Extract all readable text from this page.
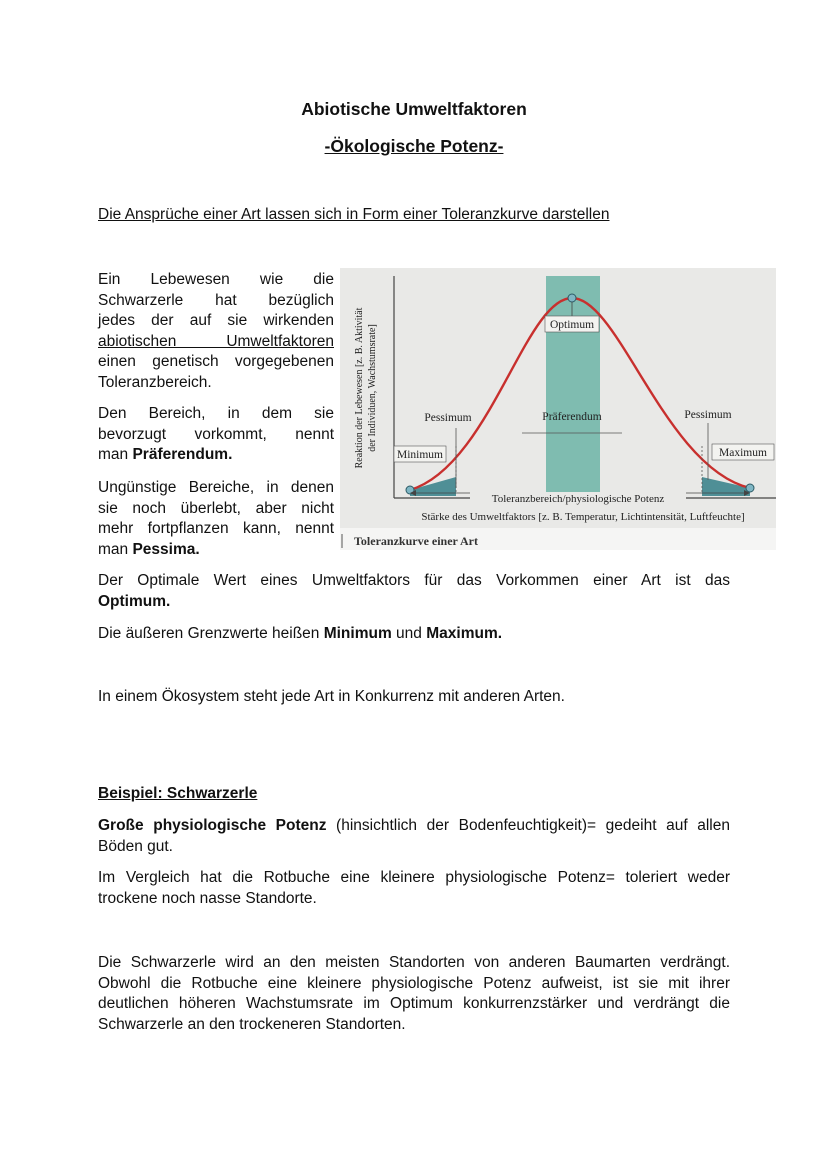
Abiotische Umweltfaktoren
-Ökologische Potenz-
Die Ansprüche einer Art lassen sich in Form einer Toleranzkurve darstellen
Ein Lebewesen wie die
Schwarzerle hat bezüglich
jedes der auf sie wirkenden
abiotischen Umweltfaktoren
einen genetisch vorgegebenen
Toleranzbereich.
Den Bereich, in dem sie
bevorzugt vorkommt, nennt
man Präferendum.
Ungünstige Bereiche, in denen
sie noch überlebt, aber nicht
mehr fortpflanzen kann, nennt
man Pessima.
Optimum
Präferendum
Pessimum	Pessimum
Minimum	Maximum
Toleranzbereich/physiologische Potenz
Stärke des Umweltfaktors [z. B. Temperatur, Lichtintensität, Luftfeuchte]
Reaktion der Lebewesen [z. B. Aktivität der Individuen, Wachstumsrate]
Toleranzkurve einer Art
Der Optimale Wert eines Umweltfaktors für das Vorkommen einer Art ist das
Optimum.
Die äußeren Grenzwerte heißen Minimum und Maximum.
In einem Ökosystem steht jede Art in Konkurrenz mit anderen Arten.
Beispiel: Schwarzerle
Große physiologische Potenz (hinsichtlich der Bodenfeuchtigkeit)= gedeiht auf allen
Böden gut.
Im Vergleich hat die Rotbuche eine kleinere physiologische Potenz= toleriert weder
trockene noch nasse Standorte.
Die Schwarzerle wird an den meisten Standorten von anderen Baumarten verdrängt.
Obwohl die Rotbuche eine kleinere physiologische Potenz aufweist, ist sie mit ihrer
deutlichen höheren Wachstumsrate im Optimum konkurrenzstärker und verdrängt die
Schwarzerle an den trockeneren Standorten.
